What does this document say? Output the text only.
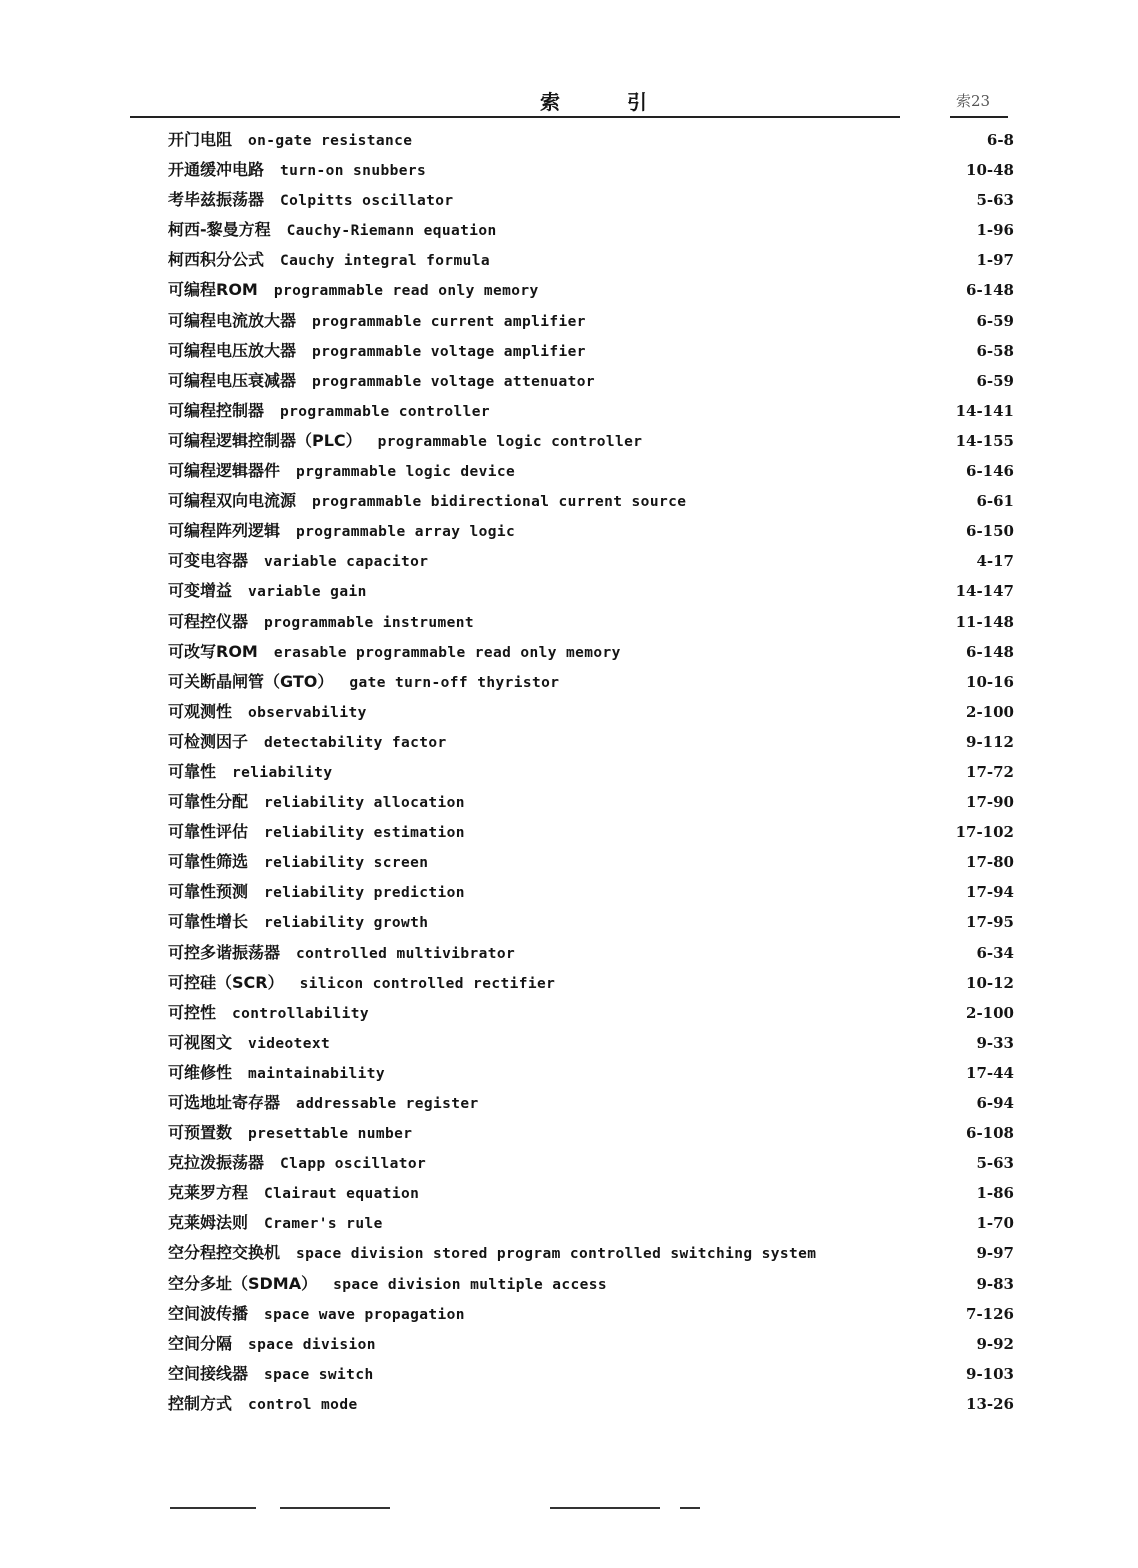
索 引	索23
开门电阻 on-gate resistance	6-8
开通缓冲电路 turn-on snubbers	10-48
考毕兹振荡器 Colpitts oscillator	5-63
柯西-黎曼方程 Cauchy-Riemann equation	1-96
柯西积分公式 Cauchy integral formula	1-97
可编程ROM programmable read only memory	6-148
可编程电流放大器 programmable current amplifier	6-59
可编程电压放大器 programmable voltage amplifier	6-58
可编程电压衰减器 programmable voltage attenuator	6-59
可编程控制器 programmable controller	14-141
可编程逻辑控制器（PLC） programmable logic controller	14-155
可编程逻辑器件 prgrammable logic device	6-146
可编程双向电流源 programmable bidirectional current source	6-61
可编程阵列逻辑 programmable array logic	6-150
可变电容器 variable capacitor	4-17
可变增益 variable gain	14-147
可程控仪器 programmable instrument	11-148
可改写ROM erasable programmable read only memory	6-148
可关断晶闸管（GTO） gate turn-off thyristor	10-16
可观测性 observability	2-100
可检测因子 detectability factor	9-112
可靠性 reliability	17-72
可靠性分配 reliability allocation	17-90
可靠性评估 reliability estimation	17-102
可靠性筛选 reliability screen	17-80
可靠性预测 reliability prediction	17-94
可靠性增长 reliability growth	17-95
可控多谐振荡器 controlled multivibrator	6-34
可控硅（SCR） silicon controlled rectifier	10-12
可控性 controllability	2-100
可视图文 videotext	9-33
可维修性 maintainability	17-44
可选地址寄存器 addressable register	6-94
可预置数 presettable number	6-108
克拉泼振荡器 Clapp oscillator	5-63
克莱罗方程 Clairaut equation	1-86
克莱姆法则 Cramer's rule	1-70
空分程控交换机 space division stored program controlled switching system	9-97
空分多址（SDMA） space division multiple access	9-83
空间波传播 space wave propagation	7-126
空间分隔 space division	9-92
空间接线器 space switch	9-103
控制方式 control mode	13-26
